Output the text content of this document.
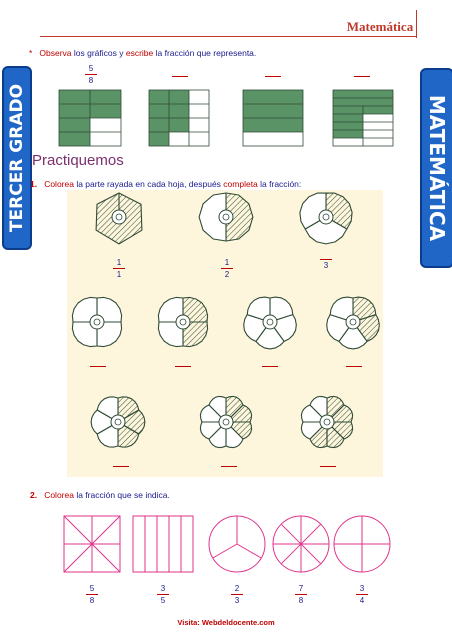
Matemática
TERCER GRADO	MATEMÁTICA
* Observa los gráficos y escribe la fracción que representa.
5
8
Practiquemos
1. Colorea la parte rayada en cada hoja, después completa la fracción:
1
1
1
2
3
2. Colorea la fracción que se indica.
5
8
3
5
2
3
7
8
3
4
Visita: Webdeldocente.com
